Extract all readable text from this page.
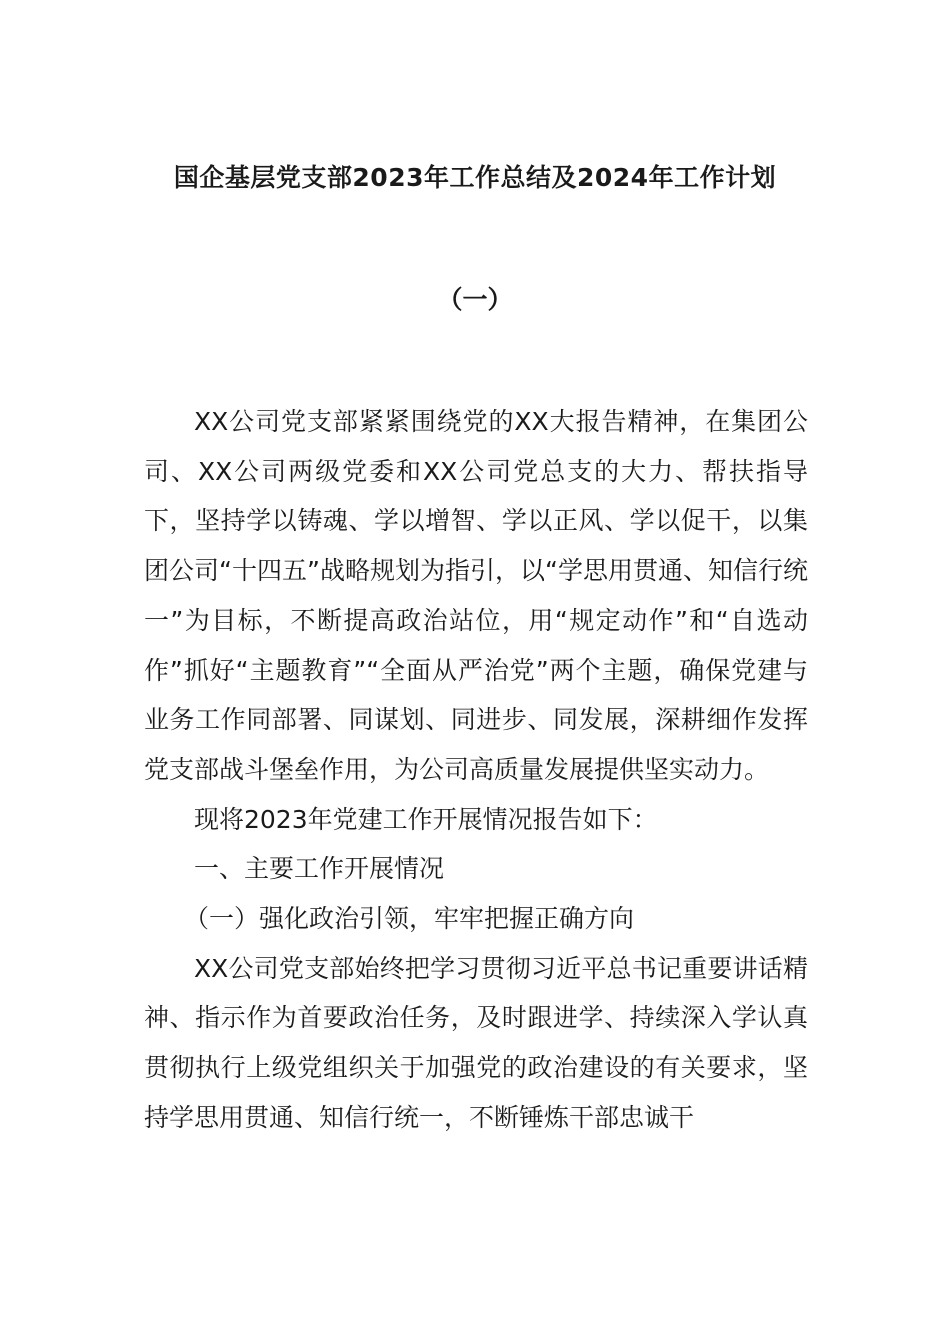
国企基层党支部2023年工作总结及2024年工作计划
（一）

XX公司党支部紧紧围绕党的XX大报告精神，在集团公司、XX公司两级党委和XX公司党总支的大力、帮扶指导下，坚持学以铸魂、学以增智、学以正风、学以促干，以集团公司“十四五”战略规划为指引，以“学思用贯通、知信行统一”为目标，不断提高政治站位，用“规定动作”和“自选动作”抓好“主题教育”“全面从严治党”两个主题，确保党建与业务工作同部署、同谋划、同进步、同发展，深耕细作发挥党支部战斗堡垒作用，为公司高质量发展提供坚实动力。

现将2023年党建工作开展情况报告如下：

一、主要工作开展情况

（一）强化政治引领，牢牢把握正确方向

XX公司党支部始终把学习贯彻习近平总书记重要讲话精神、指示作为首要政治任务，及时跟进学、持续深入学认真贯彻执行上级党组织关于加强党的政治建设的有关要求，坚持学思用贯通、知信行统一，不断锤炼干部忠诚干
